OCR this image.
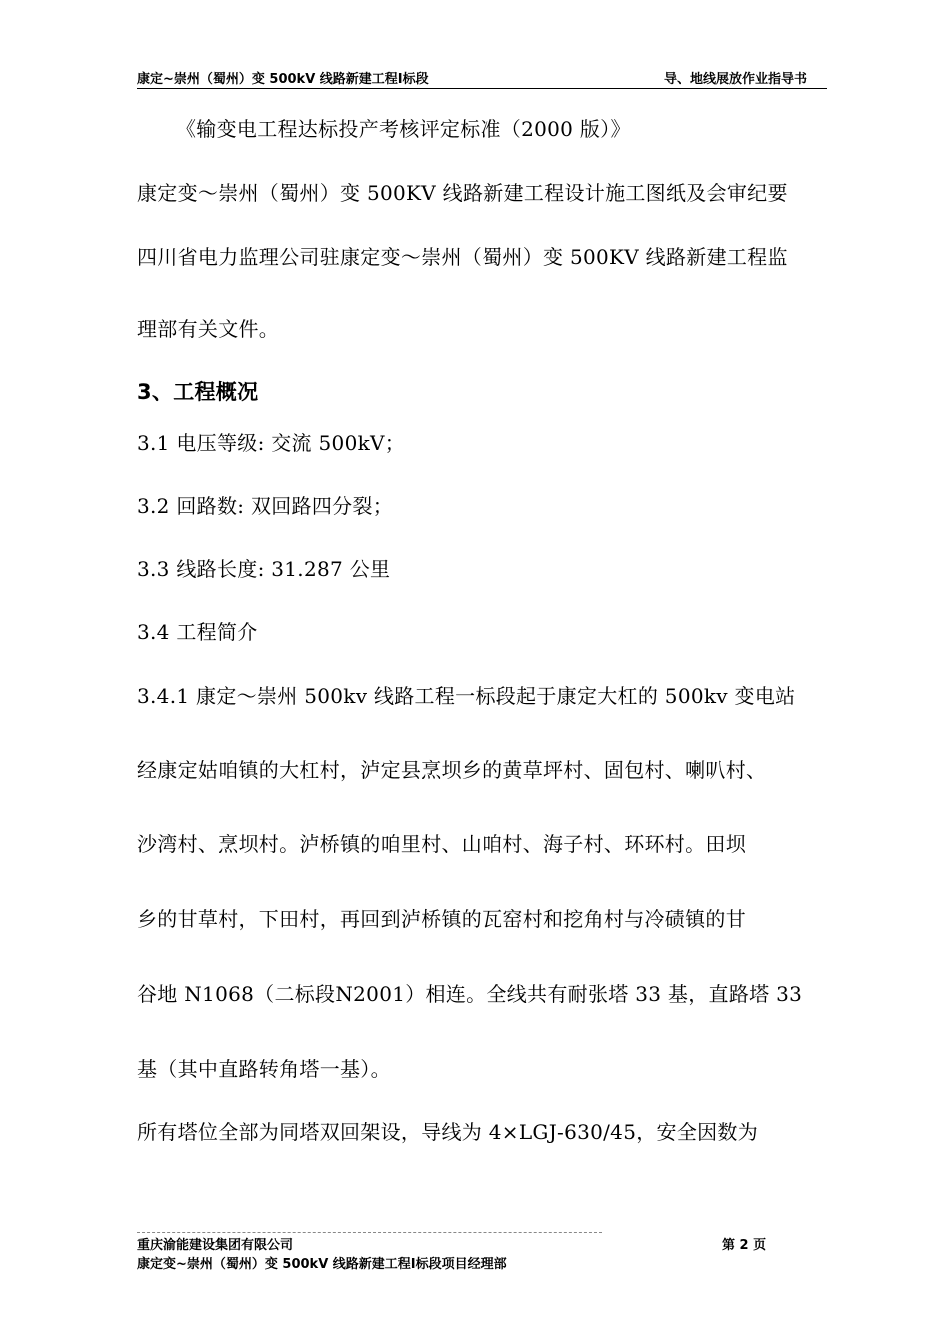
康定~崇州（蜀州）变 500kV 线路新建工程Ⅰ标段	导、地线展放作业指导书
《输变电工程达标投产考核评定标准（2000 版）》
康定变～崇州（蜀州）变 500KV 线路新建工程设计施工图纸及会审纪要
四川省电力监理公司驻康定变～崇州（蜀州）变 500KV 线路新建工程监
理部有关文件。
3、工程概况
3.1 电压等级: 交流 500kV；
3.2 回路数: 双回路四分裂；
3.3 线路长度: 31.287 公里
3.4 工程简介
3.4.1 康定～崇州 500kv 线路工程一标段起于康定大杠的 500kv 变电站
经康定姑咱镇的大杠村，泸定县烹坝乡的黄草坪村、固包村、喇叭村、
沙湾村、烹坝村。泸桥镇的咱里村、山咱村、海子村、环环村。田坝
乡的甘草村，下田村，再回到泸桥镇的瓦窑村和挖角村与冷碛镇的甘
谷地 N1068（二标段N2001）相连。全线共有耐张塔 33 基，直路塔 33
基（其中直路转角塔一基）。
所有塔位全部为同塔双回架设，导线为 4×LGJ-630/45，安全因数为
重庆渝能建设集团有限公司	第 2 页
康定变~崇州（蜀州）变 500kV 线路新建工程Ⅰ标段项目经理部
